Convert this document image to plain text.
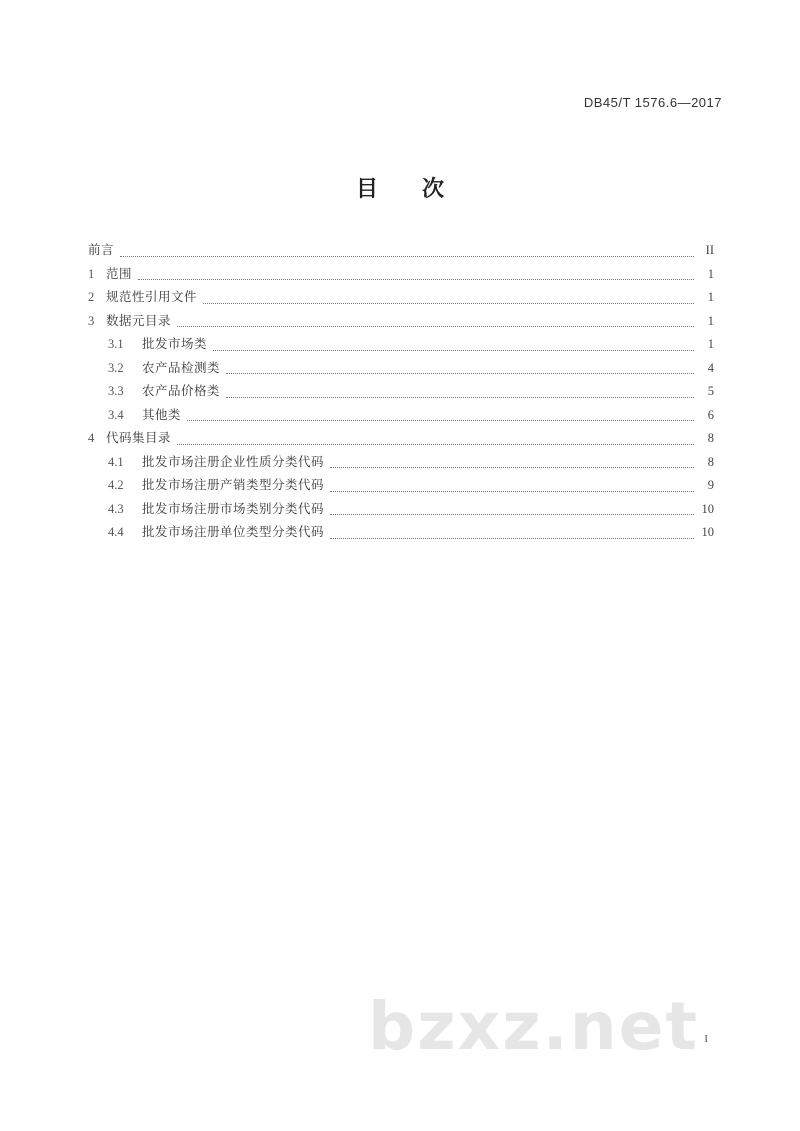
DB45/T 1576.6—2017
目 次
前言	II
1 范围	1
2 规范性引用文件	1
3 数据元目录	1
3.1	批发市场类	1
3.2	农产品检测类	4
3.3	农产品价格类	5
3.4	其他类	6
4 代码集目录	8
4.1	批发市场注册企业性质分类代码	8
4.2	批发市场注册产销类型分类代码	9
4.3	批发市场注册市场类别分类代码	10
4.4	批发市场注册单位类型分类代码	10
bzxz.net I
